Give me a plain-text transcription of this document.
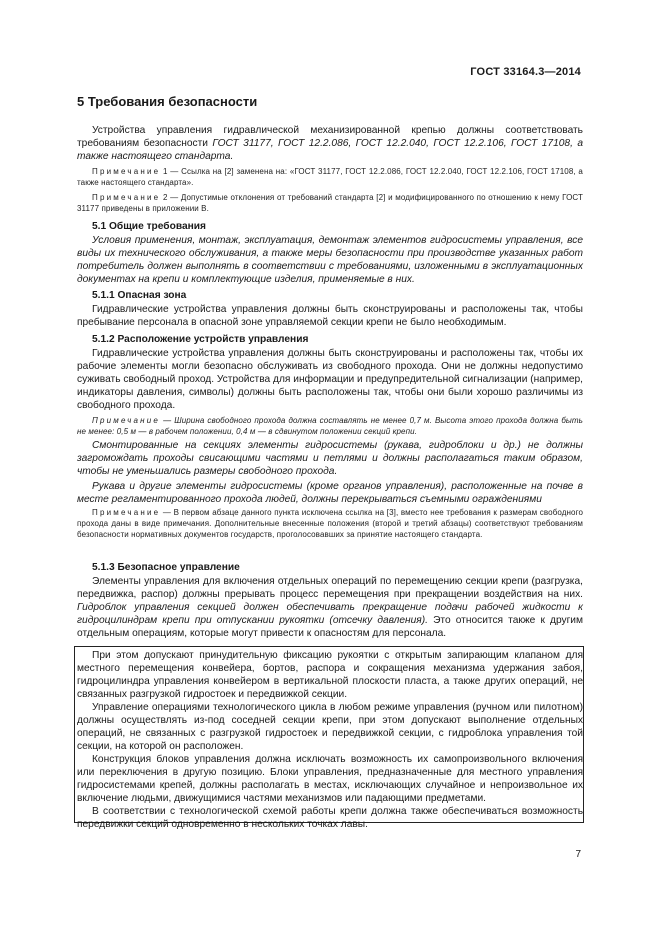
ГОСТ 33164.3—2014
5 Требования безопасности
Устройства управления гидравлической механизированной крепью должны соответствовать требованиям безопасности ГОСТ 31177, ГОСТ 12.2.086, ГОСТ 12.2.040, ГОСТ 12.2.106, ГОСТ 17108, а также настоящего стандарта.
Примечание 1 — Ссылка на [2] заменена на: «ГОСТ 31177, ГОСТ 12.2.086, ГОСТ 12.2.040, ГОСТ 12.2.106, ГОСТ 17108, а также настоящего стандарта».
Примечание 2 — Допустимые отклонения от требований стандарта [2] и модифицированного по отношению к нему ГОСТ 31177 приведены в приложении В.
5.1 Общие требования
Условия применения, монтаж, эксплуатация, демонтаж элементов гидросистемы управления, все виды их технического обслуживания, а также меры безопасности при производстве указанных работ потребитель должен выполнять в соответствии с требованиями, изложенными в эксплуатационных документах на крепи и комплектующие изделия, применяемые в них.
5.1.1 Опасная зона
Гидравлические устройства управления должны быть сконструированы и расположены так, чтобы пребывание персонала в опасной зоне управляемой секции крепи не было необходимым.
5.1.2 Расположение устройств управления
Гидравлические устройства управления должны быть сконструированы и расположены так, чтобы их рабочие элементы могли безопасно обслуживать из свободного прохода. Они не должны недопустимо суживать свободный проход. Устройства для информации и предупредительной сигнализации (например, индикаторы давления, символы) должны быть расположены так, чтобы они были хорошо различимы из свободного прохода.
Примечание — Ширина свободного прохода должна составлять не менее 0,7 м. Высота этого прохода должна быть не менее: 0,5 м — в рабочем положении, 0,4 м — в сдвинутом положении секций крепи.
Смонтированные на секциях элементы гидросистемы (рукава, гидроблоки и др.) не должны загромождать проходы свисающими частями и петлями и должны располагаться таким образом, чтобы не уменьшались размеры свободного прохода.
Рукава и другие элементы гидросистемы (кроме органов управления), расположенные на почве в месте регламентированного прохода людей, должны перекрываться съемными ограждениями
Примечание — В первом абзаце данного пункта исключена ссылка на [3], вместо нее требования к размерам свободного прохода даны в виде примечания. Дополнительные внесенные положения (второй и третий абзацы) соответствуют требованиям безопасности нормативных документов государств, проголосовавших за принятие настоящего стандарта.
5.1.3 Безопасное управление
Элементы управления для включения отдельных операций по перемещению секции крепи (разгрузка, передвижка, распор) должны прерывать процесс перемещения при прекращении воздействия на них. Гидроблок управления секцией должен обеспечивать прекращение подачи рабочей жидкости к гидроцилиндрам крепи при отпускании рукоятки (отсечку давления). Это относится также к другим отдельным операциям, которые могут привести к опасностям для персонала.
При этом допускают принудительную фиксацию рукоятки с открытым запирающим клапаном для местного перемещения конвейера, бортов, распора и сокращения механизма удержания забоя, гидроцилиндра управления конвейером в вертикальной плоскости пласта, а также других операций, не связанных разгрузкой гидростоек и передвижкой секции.
Управление операциями технологического цикла в любом режиме управления (ручном или пилотном) должны осуществлять из-под соседней секции крепи, при этом допускают выполнение отдельных операций, не связанных с разгрузкой гидростоек и передвижкой секции, с гидроблока управления той секции, на которой он расположен.
Конструкция блоков управления должна исключать возможность их самопроизвольного включения или переключения в другую позицию. Блоки управления, предназначенные для местного управления гидросистемами крепей, должны располагать в местах, исключающих случайное и непроизвольное их включение людьми, движущимися частями механизмов или падающими предметами.
В соответствии с технологической схемой работы крепи должна также обеспечиваться возможность передвижки секций одновременно в нескольких точках лавы.
7
